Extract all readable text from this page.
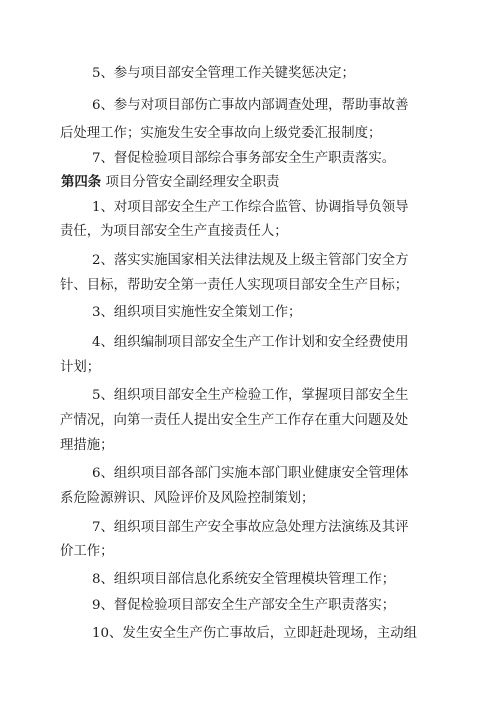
5、参与项目部安全管理工作关键奖惩决定；
6、参与对项目部伤亡事故内部调查处理，帮助事故善
后处理工作；实施发生安全事故向上级党委汇报制度；
7、督促检验项目部综合事务部安全生产职责落实。
第四条 项目分管安全副经理安全职责
1、对项目部安全生产工作综合监管、协调指导负领导
责任，为项目部安全生产直接责任人；
2、落实实施国家相关法律法规及上级主管部门安全方
针、目标，帮助安全第一责任人实现项目部安全生产目标；
3、组织项目实施性安全策划工作；
4、组织编制项目部安全生产工作计划和安全经费使用
计划；
5、组织项目部安全生产检验工作，掌握项目部安全生
产情况，向第一责任人提出安全生产工作存在重大问题及处
理措施；
6、组织项目部各部门实施本部门职业健康安全管理体
系危险源辨识、风险评价及风险控制策划；
7、组织项目部生产安全事故应急处理方法演练及其评
价工作；
8、组织项目部信息化系统安全管理模块管理工作；
9、督促检验项目部安全生产部安全生产职责落实；
10、发生安全生产伤亡事故后，立即赶赴现场，主动组
